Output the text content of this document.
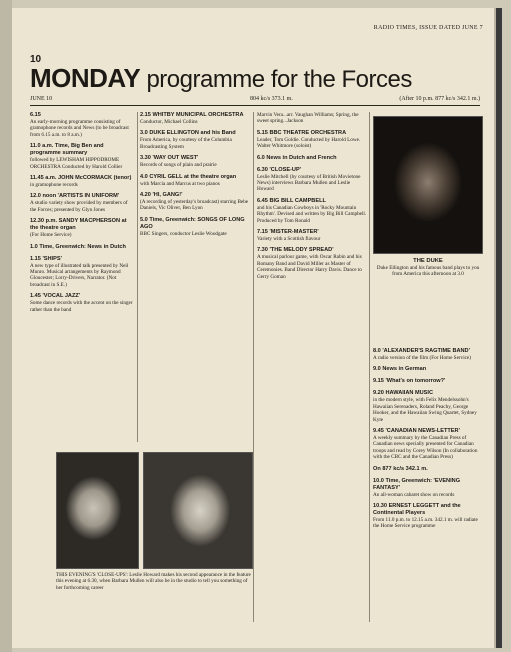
RADIO TIMES, ISSUE DATED JUNE 7
10
MONDAY programme for the Forces
JUNE 10	804 kc/s 373.1 m.	(After 10 p.m. 877 kc/s 342.1 m.)
6.15
An early-morning programme consisting of gramophone records and News (to be broadcast from 6.15 a.m. to 8 a.m.)
11.0 a.m. Time, Big Ben and programme summary
followed by LEWISHAM HIPPODROME ORCHESTRA Conducted by Harold Collier
11.45 a.m. JOHN McCORMACK (tenor)
in gramophone records
12.0 noon 'ARTISTS IN UNIFORM'
A studio variety show provided by members of the Forces; presented by Glyn Jones
12.30 p.m. SANDY MACPHERSON at the theatre organ
(For Home Service)
1.0 Time, Greenwich: News in Dutch
1.15 'SHIPS'
A new type of illustrated talk presented by Neil Munro. Musical arrangements by Raymond Gloucester; Lorry-Drivers, Narrator. (Not broadcast in S.E.)
1.45 'VOCAL JAZZ'
Some dance records with the accent on the singer rather than the band
2.15 WHITBY MUNICIPAL ORCHESTRA
Conductor, Michael Collins
3.0 DUKE ELLINGTON and his Band
From America, by courtesy of the Columbia Broadcasting System
3.30 'WAY OUT WEST'
Records of songs of plain and prairie
4.0 CYRIL GELL at the theatre organ
with Marcia and Marcus at two pianos
4.20 'HI, GANG!'
(A recording of yesterday's broadcast) starring Bebe Daniels, Vic Oliver, Ben Lyon
5.0 Time, Greenwich: SONGS OF LONG AGO
BBC Singers, conductor Leslie Woodgate
Marvin Vera...arr. Vaughan Williams; Spring, the sweet spring...Jackson
5.15 BBC THEATRE ORCHESTRA
Leader, Tom Goldie. Conducted by Harold Lowe. Walter Whitmore (soloist)
6.0 News in Dutch and French
6.30 'CLOSE-UP'
Leslie Mitchell (by courtesy of British Movietone News) interviews Barbara Mullen and Leslie Howard
6.45 BIG BILL CAMPBELL
and his Canadian Cowboys in 'Rocky Mountain Rhythm'. Devised and written by Big Bill Campbell. Produced by Tom Ronald
7.15 'MISTER-MASTER'
Variety with a Scottish flavour
7.30 'THE MELODY SPREAD'
A musical parlour game, with Oscar Rabin and his Romany Band and David Miller as Master of Ceremonies. Band Director Harry Davis. Dance to Gerry Goman
8.0 'ALEXANDER'S RAGTIME BAND'
A radio version of the film (For Home Service)
9.0 News in German
9.15 'What's on tomorrow?'
9.20 HAWAIIAN MUSIC
in the modern style, with Felix Mendelssohn's Hawaiian Serenaders, Roland Peachy, George Hooker, and the Hawaiian Swing Quartet, Sydney Kyte
9.45 'CANADIAN NEWS-LETTER'
A weekly summary by the Canadian Press of Canadian news specially presented for Canadian troops and read by Corey Wilson (In collaboration with the CBC and the Canadian Press)
On 877 kc/s 342.1 m.
10.0 Time, Greenwich: 'EVENING FANTASY'
An all-woman cabaret show on records
10.30 ERNEST LEGGETT and the Continental Players
From 11.0 p.m. to 12.15 a.m. 342.1 m. will radiate the Home Service programme
THIS EVENING'S 'CLOSE-UPS': Leslie Howard makes his second appearance in the feature this evening at 6.30, when Barbara Mullen will also be in the studio to tell you something of her forthcoming career
THE DUKE
Duke Ellington and his famous band plays to you from America this afternoon at 3.0
